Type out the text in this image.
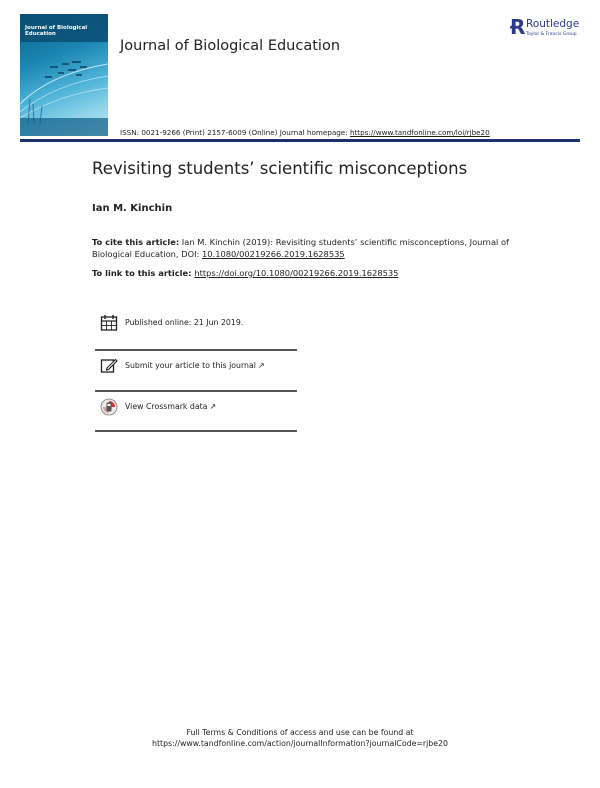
Journal of Biological Education
Journal of Biological Education
Ɍ Routledge
Taylor & Francis Group
ISSN: 0021-9266 (Print) 2157-6009 (Online) Journal homepage: https://www.tandfonline.com/loi/rjbe20
Revisiting students’ scientific misconceptions
Ian M. Kinchin
To cite this article: Ian M. Kinchin (2019): Revisiting students’ scientific misconceptions, Journal of Biological Education, DOI: 10.1080/00219266.2019.1628535
To link to this article: https://doi.org/10.1080/00219266.2019.1628535
Published online: 21 Jun 2019.
Submit your article to this journal ↗
View Crossmark data ↗
Full Terms & Conditions of access and use can be found at
https://www.tandfonline.com/action/journalInformation?journalCode=rjbe20
